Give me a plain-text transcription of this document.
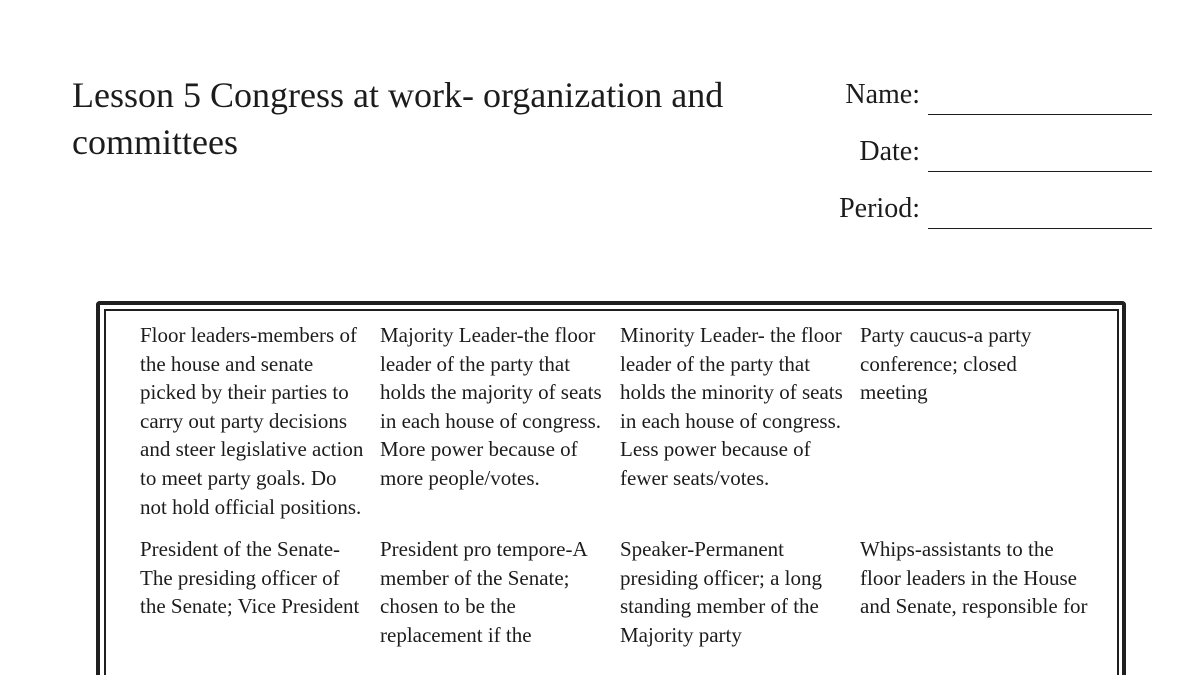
Lesson 5 Congress at work- organization and committees
Name:
Date:
Period:
Floor leaders-members of the house and senate picked by their parties to carry out party decisions and steer legislative action to meet party goals. Do not hold official positions.
Majority Leader-the floor leader of the party that holds the majority of seats in each house of congress. More power because of more people/votes.
Minority Leader- the floor leader of the party that holds the minority of seats in each house of congress. Less power because of fewer seats/votes.
Party caucus-a party conference; closed meeting
President of the Senate-The presiding officer of the Senate; Vice President
President pro tempore-A member of the Senate; chosen to be the replacement if the
Speaker-Permanent presiding officer; a long standing member of the Majority party
Whips-assistants to the floor leaders in the House and Senate, responsible for
